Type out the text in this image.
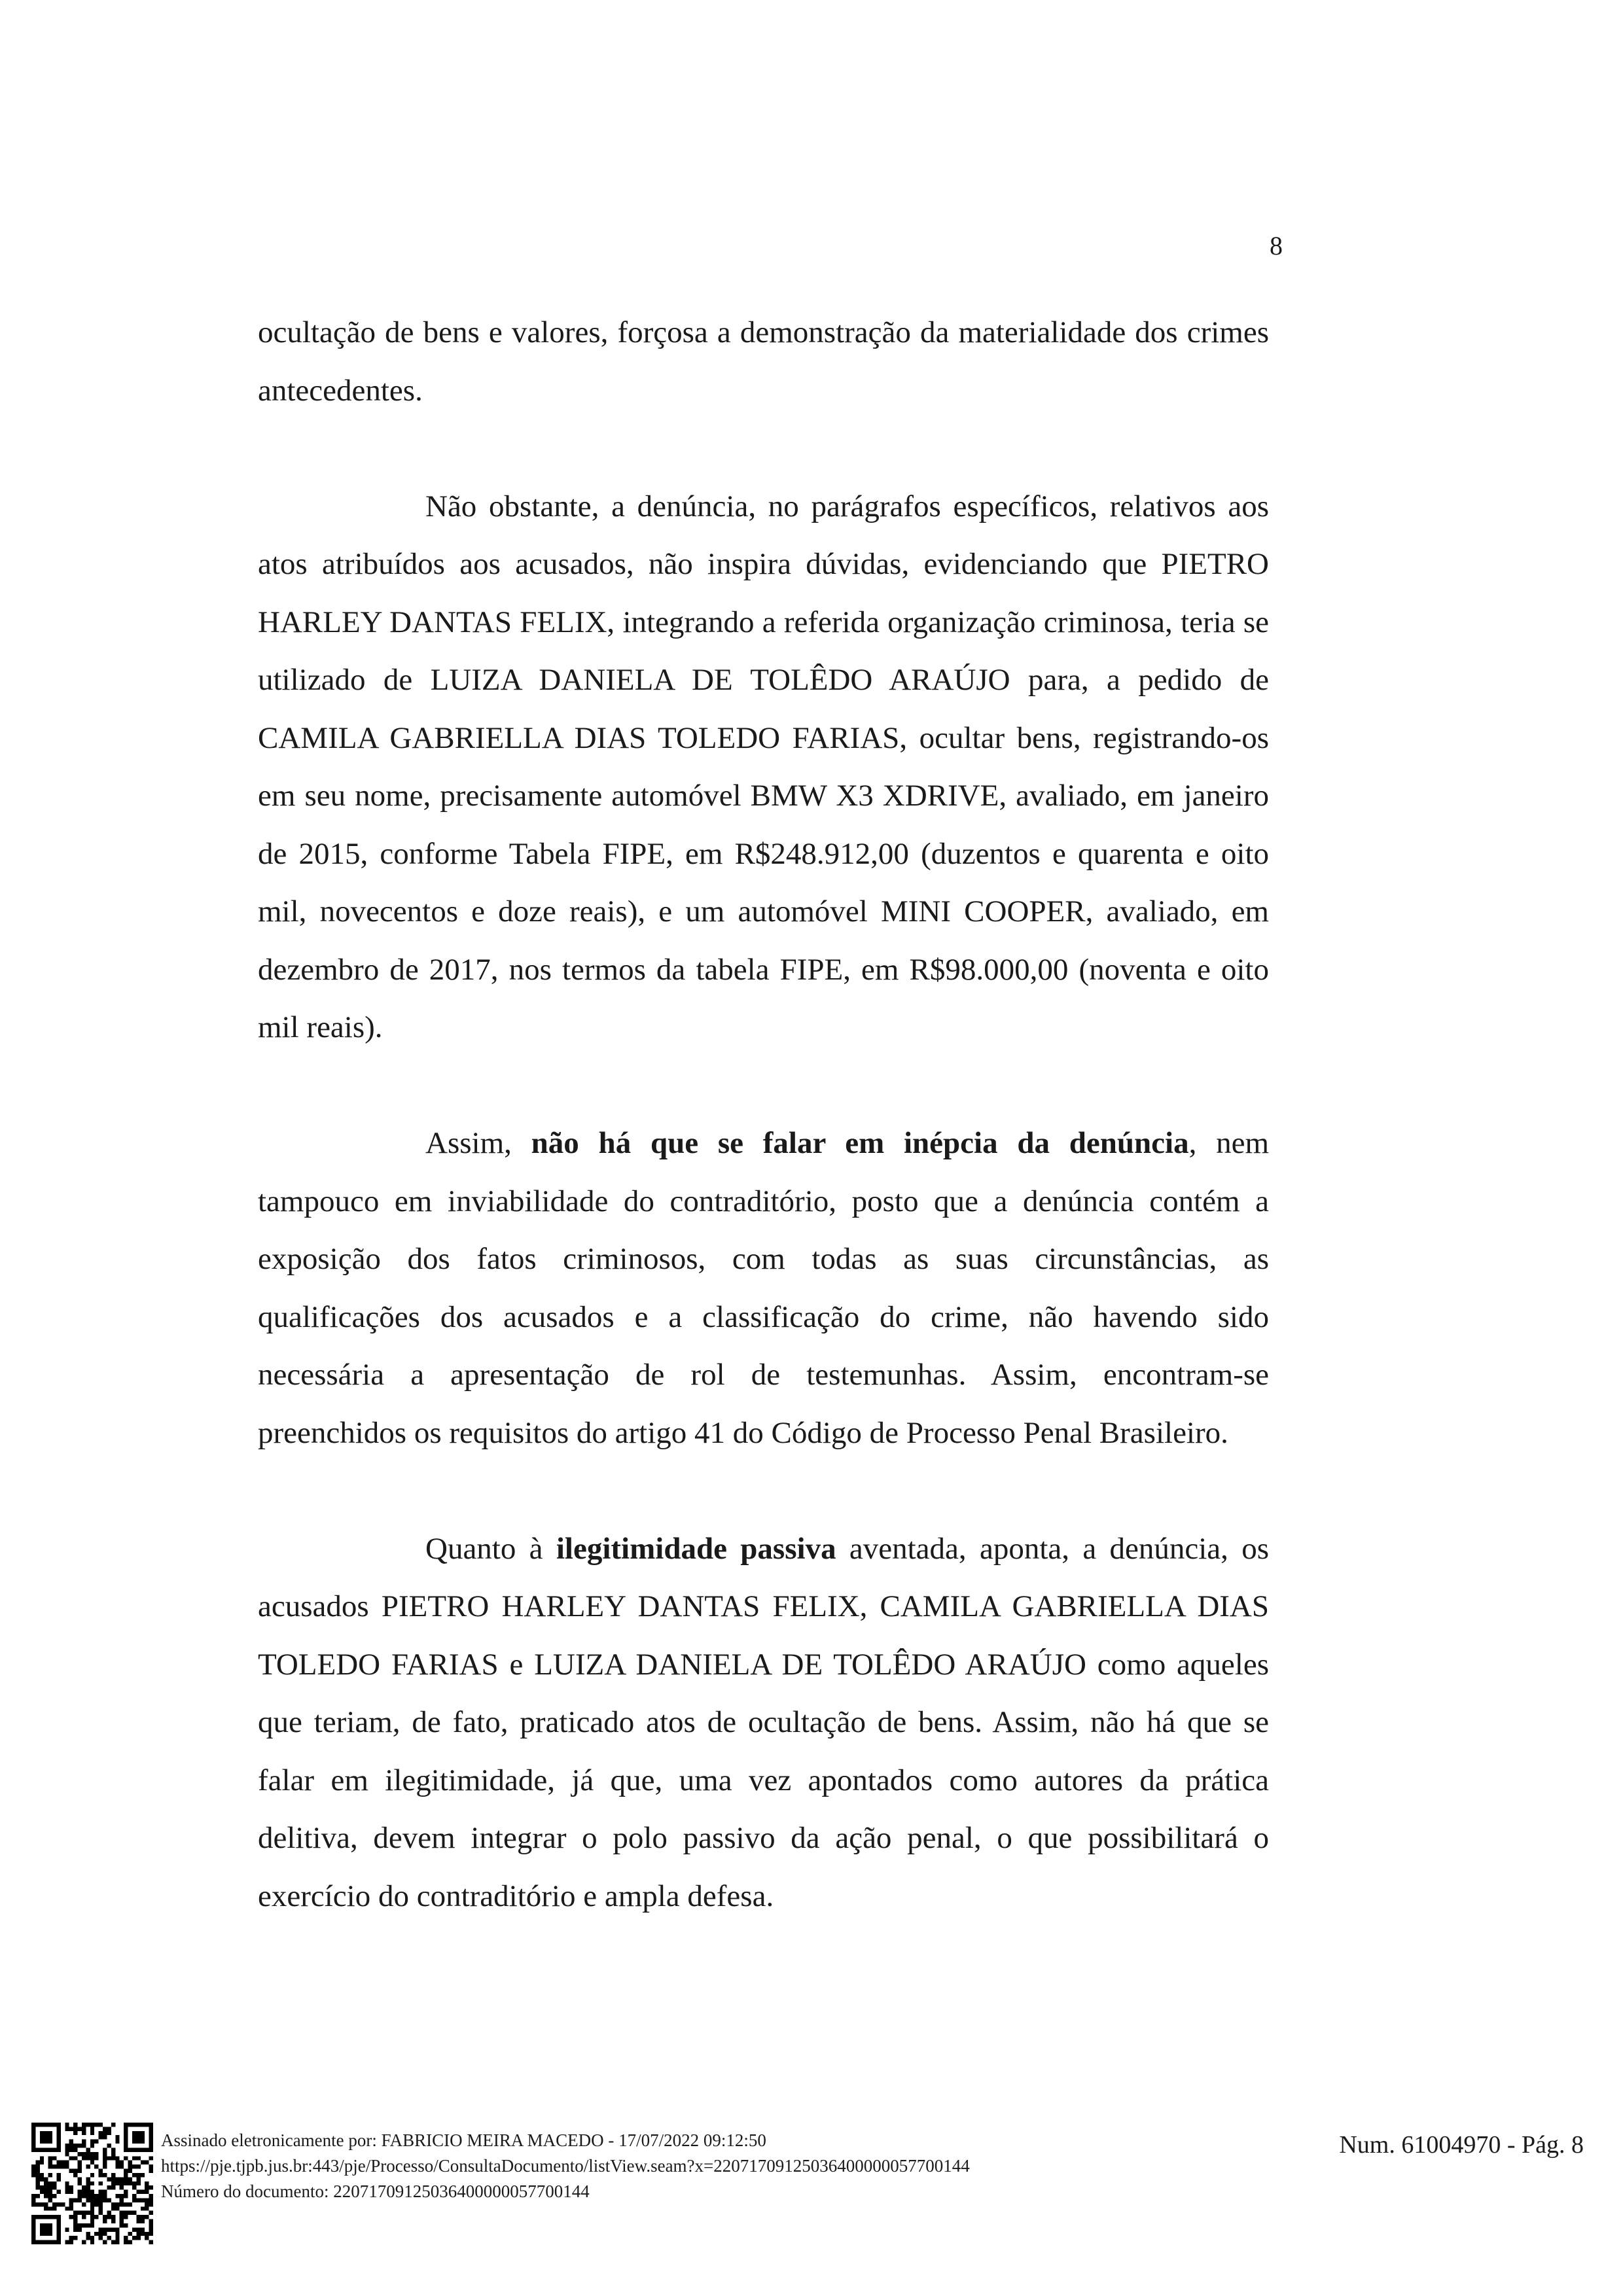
8

ocultação de bens e valores, forçosa a demonstração da materialidade dos crimes antecedentes.

Não obstante, a denúncia, no parágrafos específicos, relativos aos atos atribuídos aos acusados, não inspira dúvidas, evidenciando que PIETRO HARLEY DANTAS FELIX, integrando a referida organização criminosa, teria se utilizado de LUIZA DANIELA DE TOLÊDO ARAÚJO para, a pedido de CAMILA GABRIELLA DIAS TOLEDO FARIAS, ocultar bens, registrando-os em seu nome, precisamente automóvel BMW X3 XDRIVE, avaliado, em janeiro de 2015, conforme Tabela FIPE, em R$248.912,00 (duzentos e quarenta e oito mil, novecentos e doze reais), e um automóvel MINI COOPER, avaliado, em dezembro de 2017, nos termos da tabela FIPE, em R$98.000,00 (noventa e oito mil reais).

Assim, não há que se falar em inépcia da denúncia, nem tampouco em inviabilidade do contraditório, posto que a denúncia contém a exposição dos fatos criminosos, com todas as suas circunstâncias, as qualificações dos acusados e a classificação do crime, não havendo sido necessária a apresentação de rol de testemunhas. Assim, encontram-se preenchidos os requisitos do artigo 41 do Código de Processo Penal Brasileiro.

Quanto à ilegitimidade passiva aventada, aponta, a denúncia, os acusados PIETRO HARLEY DANTAS FELIX, CAMILA GABRIELLA DIAS TOLEDO FARIAS e LUIZA DANIELA DE TOLÊDO ARAÚJO como aqueles que teriam, de fato, praticado atos de ocultação de bens. Assim, não há que se falar em ilegitimidade, já que, uma vez apontados como autores da prática delitiva, devem integrar o polo passivo da ação penal, o que possibilitará o exercício do contraditório e ampla defesa.

Assinado eletronicamente por: FABRICIO MEIRA MACEDO - 17/07/2022 09:12:50
https://pje.tjpb.jus.br:443/pje/Processo/ConsultaDocumento/listView.seam?x=22071709125036400000057700144
Número do documento: 22071709125036400000057700144
Num. 61004970 - Pág. 8
